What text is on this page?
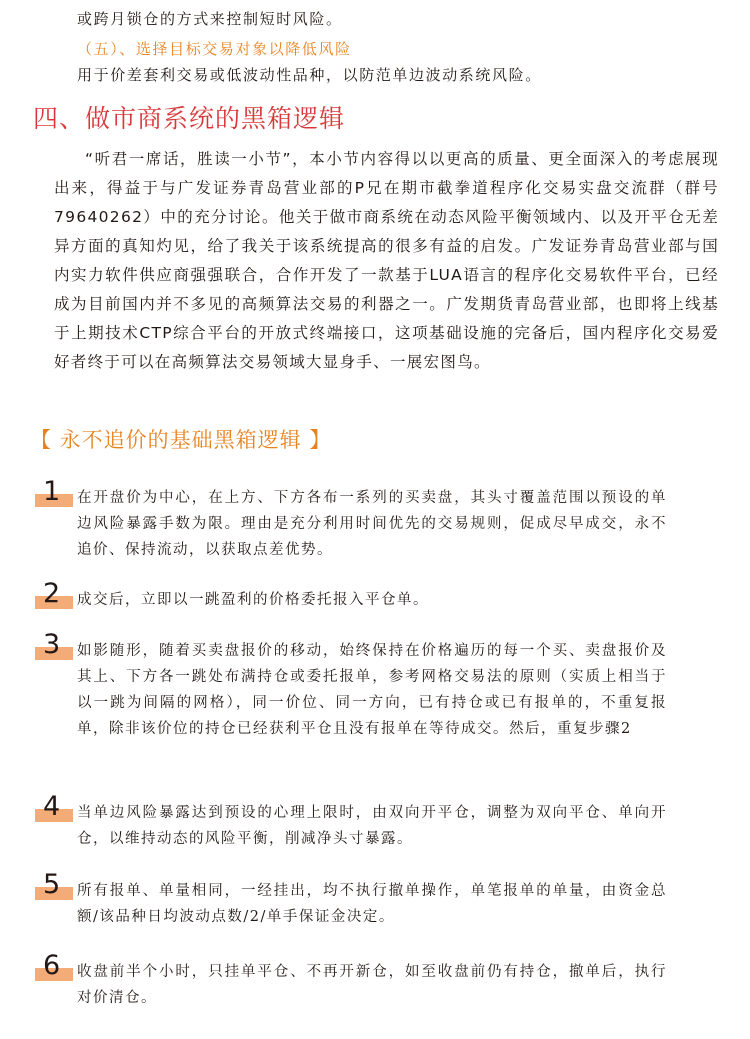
或跨月锁仓的方式来控制短时风险。
（五）、选择目标交易对象以降低风险
用于价差套利交易或低波动性品种，以防范单边波动系统风险。
四、做市商系统的黑箱逻辑

“听君一席话，胜读一小节”，本小节内容得以以更高的质量、更全面深入的考虑展现出来，得益于与广发证券青岛营业部的P兄在期市截拳道程序化交易实盘交流群（群号79640262）中的充分讨论。他关于做市商系统在动态风险平衡领域内、以及开平仓无差异方面的真知灼见，给了我关于该系统提高的很多有益的启发。广发证券青岛营业部与国内实力软件供应商强强联合，合作开发了一款基于LUA语言的程序化交易软件平台，已经成为目前国内并不多见的高频算法交易的利器之一。广发期货青岛营业部，也即将上线基于上期技术CTP综合平台的开放式终端接口，这项基础设施的完备后，国内程序化交易爱好者终于可以在高频算法交易领域大显身手、一展宏图鸟。

【 永不追价的基础黑箱逻辑 】
1 在开盘价为中心，在上方、下方各布一系列的买卖盘，其头寸覆盖范围以预设的单边风险暴露手数为限。理由是充分利用时间优先的交易规则，促成尽早成交，永不追价、保持流动，以获取点差优势。
2 成交后，立即以一跳盈利的价格委托报入平仓单。
3 如影随形，随着买卖盘报价的移动，始终保持在价格遍历的每一个买、卖盘报价及其上、下方各一跳处布满持仓或委托报单，参考网格交易法的原则（实质上相当于以一跳为间隔的网格），同一价位、同一方向，已有持仓或已有报单的，不重复报单，除非该价位的持仓已经获利平仓且没有报单在等待成交。然后，重复步骤2
4 当单边风险暴露达到预设的心理上限时，由双向开平仓，调整为双向平仓、单向开仓，以维持动态的风险平衡，削减净头寸暴露。
5 所有报单、单量相同，一经挂出，均不执行撤单操作，单笔报单的单量，由资金总额/该品种日均波动点数/2/单手保证金决定。
6 收盘前半个小时，只挂单平仓、不再开新仓，如至收盘前仍有持仓，撤单后，执行对价清仓。
